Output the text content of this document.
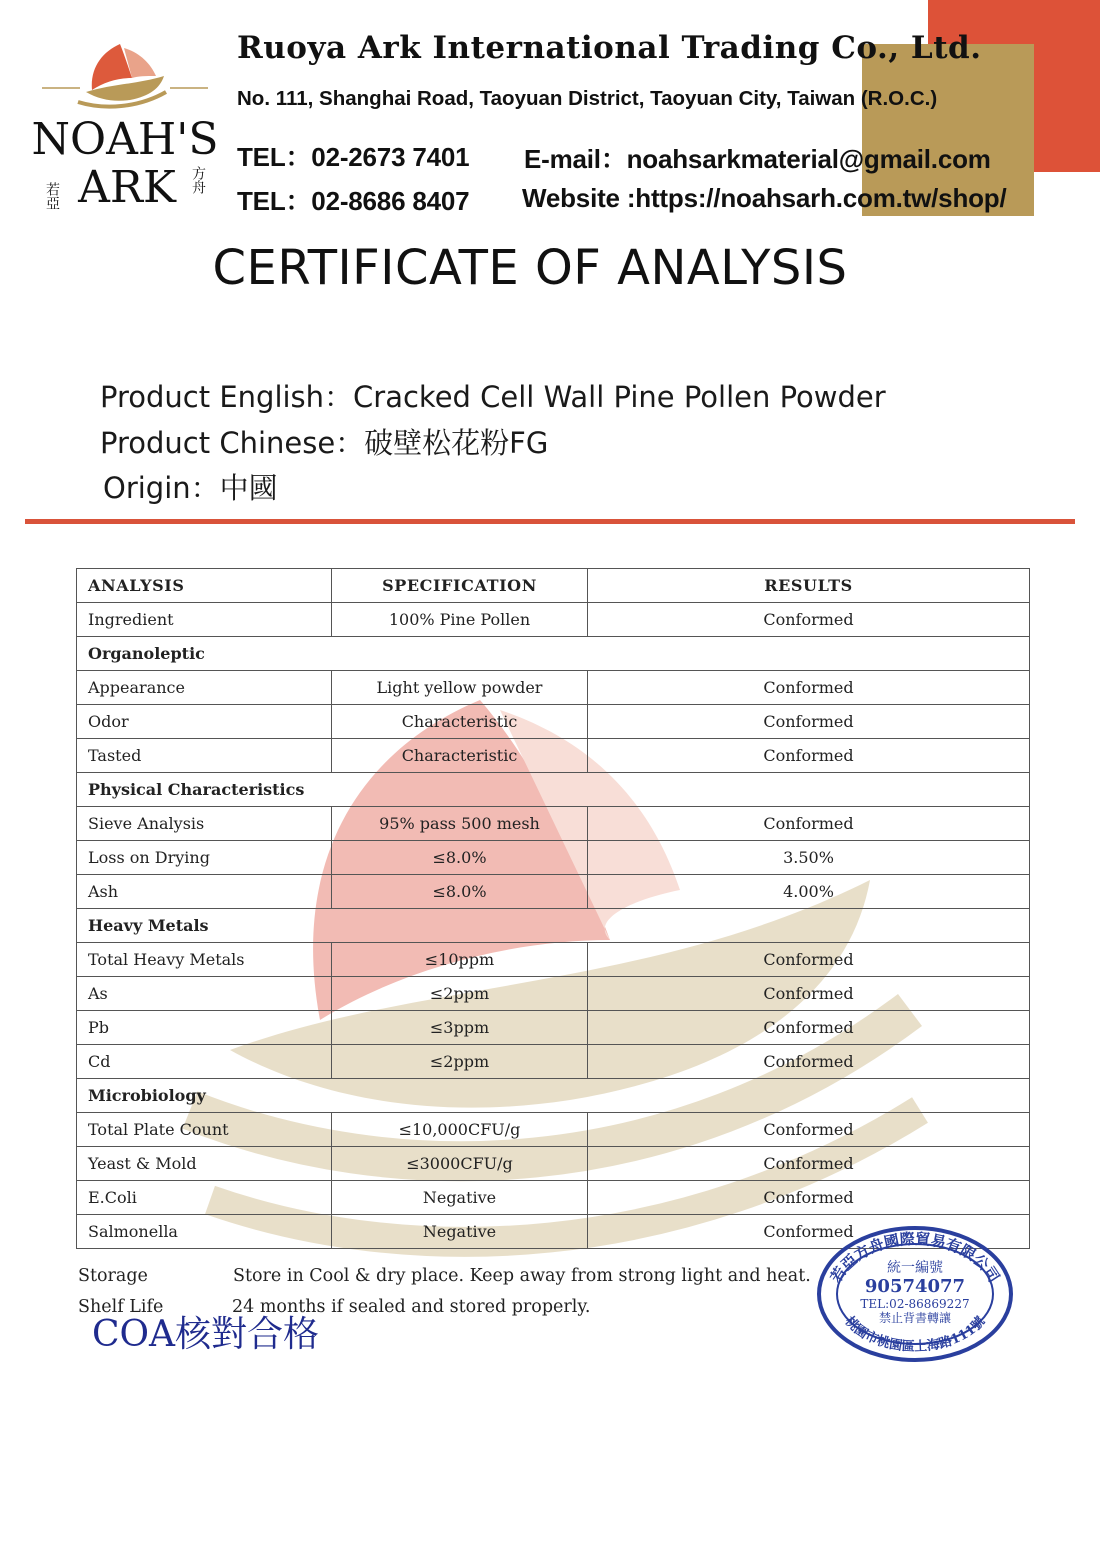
NOAH'S
ARK
若亞
方舟
Ruoya Ark International Trading Co., Ltd.
No. 111, Shanghai Road, Taoyuan District, Taoyuan City, Taiwan (R.O.C.)
TEL：02-2673 7401
TEL：02-8686 8407
E-mail：noahsarkmaterial@gmail.com
Website :https://noahsarh.com.tw/shop/
CERTIFICATE OF ANALYSIS
Product English：Cracked Cell Wall Pine Pollen Powder
Product Chinese：破壁松花粉FG
Origin：中國
ANALYSIS	SPECIFICATION	RESULTS
Ingredient	100% Pine Pollen	Conformed
Organoleptic		
Appearance	Light yellow powder	Conformed
Odor	Characteristic	Conformed
Tasted	Characteristic	Conformed
Physical Characteristics		
Sieve Analysis	95% pass 500 mesh	Conformed
Loss on Drying	≤8.0%	3.50%
Ash	≤8.0%	4.00%
Heavy Metals		
Total Heavy Metals	≤10ppm	Conformed
As	≤2ppm	Conformed
Pb	≤3ppm	Conformed
Cd	≤2ppm	Conformed
Microbiology		
Total Plate Count	≤10,000CFU/g	Conformed
Yeast & Mold	≤3000CFU/g	Conformed
E.Coli	Negative	Conformed
Salmonella	Negative	Conformed
Storage	Store in Cool & dry place. Keep away from strong light and heat.
Shelf Life	24 months if sealed and stored properly.
COA核對合格
若亞方舟國際貿易有限公司
統一編號
90574077
TEL:02-86869227
禁止背書轉讓
桃園市桃園區上海路111號
